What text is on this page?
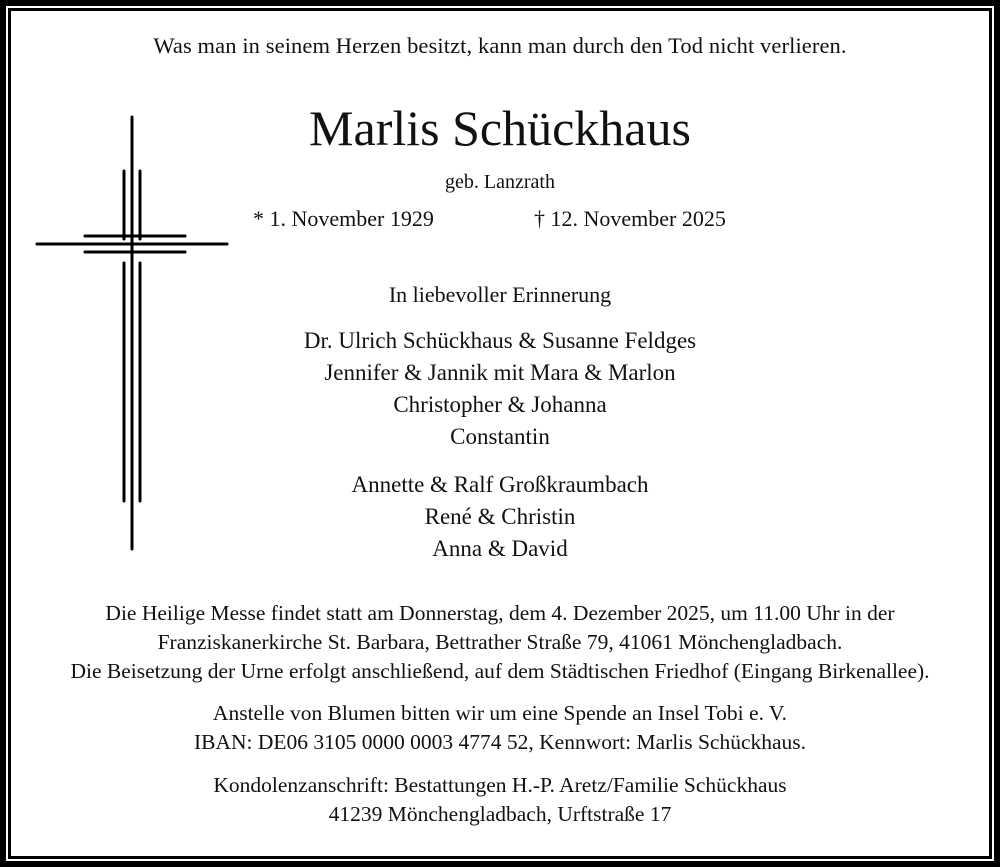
Was man in seinem Herzen besitzt, kann man durch den Tod nicht verlieren.
Marlis Schückhaus
geb. Lanzrath
* 1. November 1929	† 12. November 2025
In liebevoller Erinnerung
Dr. Ulrich Schückhaus & Susanne Feldges
Jennifer & Jannik mit Mara & Marlon
Christopher & Johanna
Constantin
Annette & Ralf Großkraumbach
René & Christin
Anna & David
Die Heilige Messe findet statt am Donnerstag, dem 4. Dezember 2025, um 11.00 Uhr in der
Franziskanerkirche St. Barbara, Bettrather Straße 79, 41061 Mönchengladbach.
Die Beisetzung der Urne erfolgt anschließend, auf dem Städtischen Friedhof (Eingang Birkenallee).
Anstelle von Blumen bitten wir um eine Spende an Insel Tobi e. V.
IBAN: DE06 3105 0000 0003 4774 52, Kennwort: Marlis Schückhaus.
Kondolenzanschrift: Bestattungen H.-P. Aretz/Familie Schückhaus
41239 Mönchengladbach, Urftstraße 17
